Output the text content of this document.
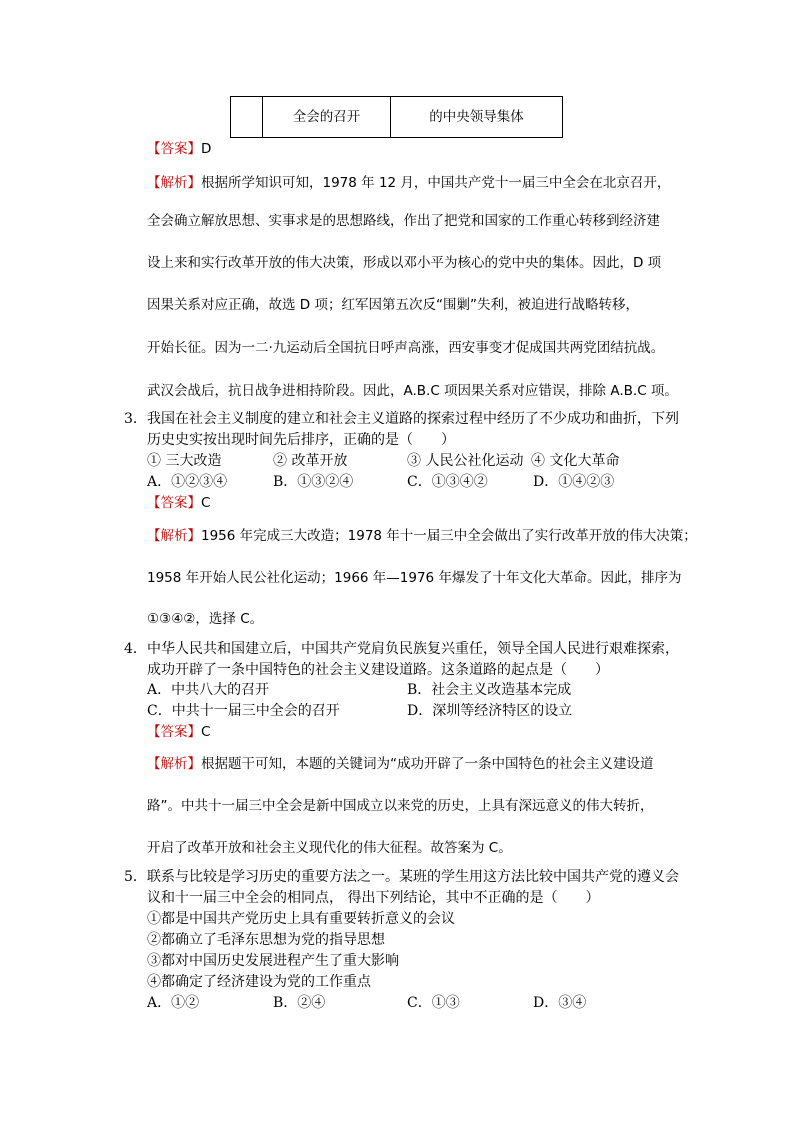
全会的召开	的中央领导集体
【答案】D
【解析】根据所学知识可知，1978 年 12 月，中国共产党十一届三中全会在北京召开，
全会确立解放思想、实事求是的思想路线，作出了把党和国家的工作重心转移到经济建
设上来和实行改革开放的伟大决策，形成以邓小平为核心的党中央的集体。因此，D 项
因果关系对应正确，故选 D 项；红军因第五次反“围剿”失利，被迫进行战略转移，
开始长征。因为一二·九运动后全国抗日呼声高涨，西安事变才促成国共两党团结抗战。
武汉会战后，抗日战争进相持阶段。因此，A.B.C 项因果关系对应错误，排除 A.B.C 项。
3． 我国在社会主义制度的建立和社会主义道路的探索过程中经历了不少成功和曲折，下列
历史史实按出现时间先后排序，正确的是（　　）
① 三大改造	② 改革开放	③ 人民公社化运动 ④ 文化大革命
A．①②③④	B．①③②④	C．①③④②	D．①④②③
【答案】C
【解析】1956 年完成三大改造；1978 年十一届三中全会做出了实行改革开放的伟大决策；
1958 年开始人民公社化运动；1966 年—1976 年爆发了十年文化大革命。因此，排序为
①③④②，选择 C。
4． 中华人民共和国建立后，中国共产党肩负民族复兴重任，领导全国人民进行艰难探索，
成功开辟了一条中国特色的社会主义建设道路。这条道路的起点是（　　）
A．中共八大的召开	B．社会主义改造基本完成
C．中共十一届三中全会的召开	D．深圳等经济特区的设立
【答案】C
【解析】根据题干可知，本题的关键词为“成功开辟了一条中国特色的社会主义建设道
路”。中共十一届三中全会是新中国成立以来党的历史，上具有深远意义的伟大转折，
开启了改革开放和社会主义现代化的伟大征程。故答案为 C。
5． 联系与比较是学习历史的重要方法之一。某班的学生用这方法比较中国共产党的遵义会
议和十一届三中全会的相同点， 得出下列结论，其中不正确的是（　　）
①都是中国共产党历史上具有重要转折意义的会议
②都确立了毛泽东思想为党的指导思想
③都对中国历史发展进程产生了重大影响
④都确定了经济建设为党的工作重点
A．①②	B．②④	C．①③	D．③④
